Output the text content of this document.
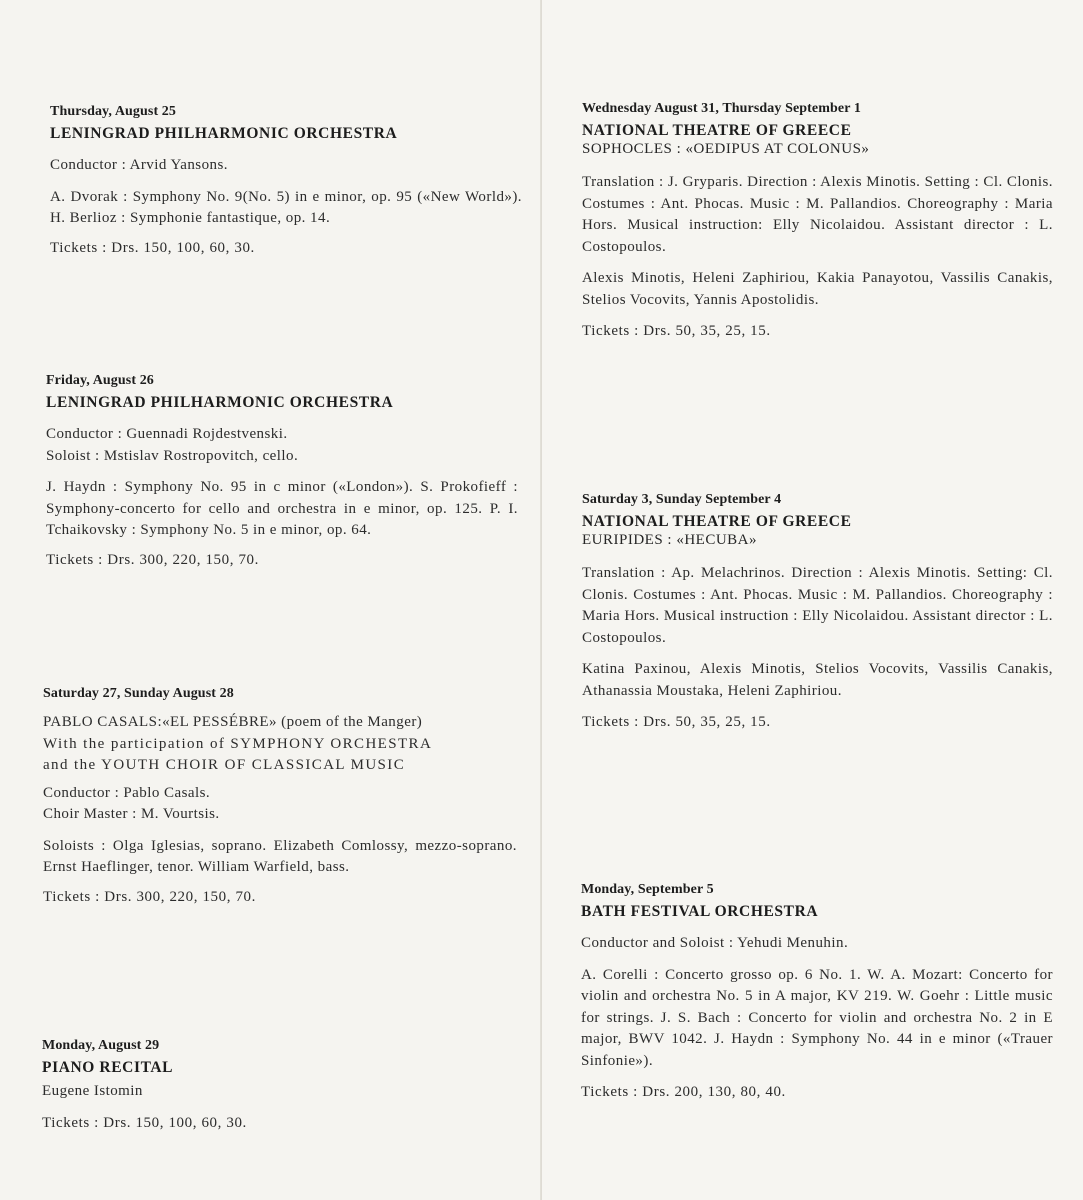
Thursday, August 25

LENINGRAD PHILHARMONIC ORCHESTRA

Conductor : Arvid Yansons.

A. Dvorak : Symphony No. 9(No. 5) in e minor, op. 95 («New World»). H. Berlioz : Symphonie fantastique, op. 14.

Tickets : Drs. 150, 100, 60, 30.

Friday, August 26

LENINGRAD PHILHARMONIC ORCHESTRA

Conductor : Guennadi Rojdestvenski.

Soloist : Mstislav Rostropovitch, cello.

J. Haydn : Symphony No. 95 in c minor («London»). S. Prokofieff : Symphony-concerto for cello and orchestra in e minor, op. 125. P. I. Tchaikovsky : Symphony No. 5 in e minor, op. 64.

Tickets : Drs. 300, 220, 150, 70.

Saturday 27, Sunday August 28

PABLO CASALS:«EL PESSÉBRE» (poem of the Manger)

With the participation of SYMPHONY ORCHESTRA

and the YOUTH CHOIR OF CLASSICAL MUSIC

Conductor : Pablo Casals.

Choir Master : M. Vourtsis.

Soloists : Olga Iglesias, soprano. Elizabeth Comlossy, mezzo-soprano. Ernst Haeflinger, tenor. William Warfield, bass.

Tickets : Drs. 300, 220, 150, 70.

Monday, August 29

PIANO RECITAL

Eugene Istomin

Tickets : Drs. 150, 100, 60, 30.

Wednesday August 31, Thursday September 1

NATIONAL THEATRE OF GREECE

SOPHOCLES : «OEDIPUS AT COLONUS»

Translation : J. Gryparis. Direction : Alexis Minotis. Setting : Cl. Clonis. Costumes : Ant. Phocas. Music : M. Pallandios. Choreography : Maria Hors. Musical instruction: Elly Nicolaidou. Assistant director : L. Costopoulos.

Alexis Minotis, Heleni Zaphiriou, Kakia Panayotou, Vassilis Canakis, Stelios Vocovits, Yannis Apostolidis.

Tickets : Drs. 50, 35, 25, 15.

Saturday 3, Sunday September 4

NATIONAL THEATRE OF GREECE

EURIPIDES : «HECUBA»

Translation : Ap. Melachrinos. Direction : Alexis Minotis. Setting: Cl. Clonis. Costumes : Ant. Phocas. Music : M. Pallandios. Choreography : Maria Hors. Musical instruction : Elly Nicolaidou. Assistant director : L. Costopoulos.

Katina Paxinou, Alexis Minotis, Stelios Vocovits, Vassilis Canakis, Athanassia Moustaka, Heleni Zaphiriou.

Tickets : Drs. 50, 35, 25, 15.

Monday, September 5

BATH FESTIVAL ORCHESTRA

Conductor and Soloist : Yehudi Menuhin.

A. Corelli : Concerto grosso op. 6 No. 1. W. A. Mozart: Concerto for violin and orchestra No. 5 in A major, KV 219. W. Goehr : Little music for strings. J. S. Bach : Concerto for violin and orchestra No. 2 in E major, BWV 1042. J. Haydn : Symphony No. 44 in e minor («Trauer Sinfonie»).

Tickets : Drs. 200, 130, 80, 40.
